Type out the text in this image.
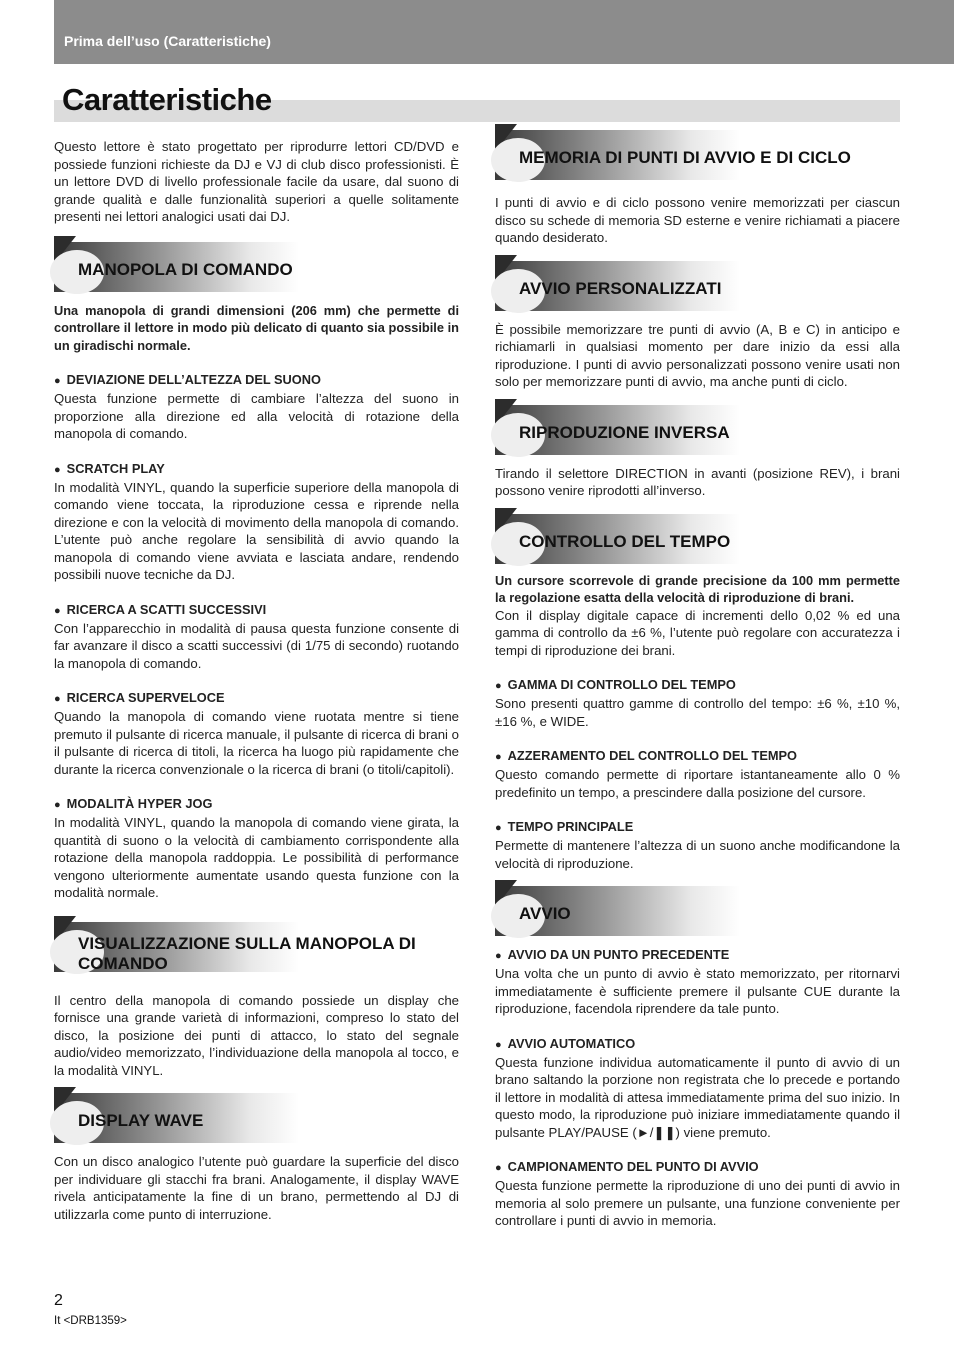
Prima dell’uso (Caratteristiche)
Caratteristiche

Questo lettore è stato progettato per riprodurre lettori CD/DVD e possiede funzioni richieste da DJ e VJ di club disco professionisti. È un lettore DVD di livello professionale facile da usare, dal suono di grande qualità e dalle funzionalità superiori a quelle solitamente presenti nei lettori analogici usati dai DJ.

MANOPOLA DI COMANDO

Una manopola di grandi dimensioni (206 mm) che permette di controllare il lettore in modo più delicato di quanto sia possibile in un giradischi normale.

● DEVIAZIONE DELL’ALTEZZA DEL SUONO

Questa funzione permette di cambiare l’altezza del suono in proporzione alla direzione ed alla velocità di rotazione della manopola di comando.

● SCRATCH PLAY

In modalità VINYL, quando la superficie superiore della manopola di comando viene toccata, la riproduzione cessa e riprende nella direzione e con la velocità di movimento della manopola di comando. L’utente può anche regolare la sensibilità di avvio quando la manopola di comando viene avviata e lasciata andare, rendendo possibili nuove tecniche da DJ.

● RICERCA A SCATTI SUCCESSIVI

Con l’apparecchio in modalità di pausa questa funzione consente di far avanzare il disco a scatti successivi (di 1/75 di secondo) ruotando la manopola di comando.

● RICERCA SUPERVELOCE

Quando la manopola di comando viene ruotata mentre si tiene premuto il pulsante di ricerca manuale, il pulsante di ricerca di brani o il pulsante di ricerca di titoli, la ricerca ha luogo più rapidamente che durante la ricerca convenzionale o la ricerca di brani (o titoli/capitoli).

● MODALITÀ HYPER JOG

In modalità VINYL, quando la manopola di comando viene girata, la quantità di suono o la velocità di cambiamento corrispondente alla rotazione della manopola raddoppia. Le possibilità di performance vengono ulteriormente aumentate usando questa funzione con la modalità normale.

VISUALIZZAZIONE SULLA MANOPOLA DI COMANDO

Il centro della manopola di comando possiede un display che fornisce una grande varietà di informazioni, compreso lo stato del disco, la posizione dei punti di attacco, lo stato del segnale audio/video memorizzato, l’individuazione della manopola al tocco, e la modalità VINYL.

DISPLAY WAVE

Con un disco analogico l’utente può guardare la superficie del disco per individuare gli stacchi fra brani. Analogamente, il display WAVE rivela anticipatamente la fine di un brano, permettendo al DJ di utilizzarla come punto di interruzione.

MEMORIA DI PUNTI DI AVVIO E DI CICLO

I punti di avvio e di ciclo possono venire memorizzati per ciascun disco su schede di memoria SD esterne e venire richiamati a piacere quando desiderato.

AVVIO PERSONALIZZATI

È possibile memorizzare tre punti di avvio (A, B e C) in anticipo e richiamarli in qualsiasi momento per dare inizio da essi alla riproduzione. I punti di avvio personalizzati possono venire usati non solo per memorizzare punti di avvio, ma anche punti di ciclo.

RIPRODUZIONE INVERSA

Tirando il selettore DIRECTION in avanti (posizione REV), i brani possono venire riprodotti all’inverso.

CONTROLLO DEL TEMPO

Un cursore scorrevole di grande precisione da 100 mm permette la regolazione esatta della velocità di riproduzione di brani.

Con il display digitale capace di incrementi dello 0,02 % ed una gamma di controllo da ±6 %, l’utente può regolare con accuratezza i tempi di riproduzione dei brani.

● GAMMA DI CONTROLLO DEL TEMPO

Sono presenti quattro gamme di controllo del tempo: ±6 %, ±10 %, ±16 %, e WIDE.

● AZZERAMENTO DEL CONTROLLO DEL TEMPO

Questo comando permette di riportare istantaneamente allo 0 % predefinito un tempo, a prescindere dalla posizione del cursore.

● TEMPO PRINCIPALE

Permette di mantenere l’altezza di un suono anche modificandone la velocità di riproduzione.

AVVIO

● AVVIO DA UN PUNTO PRECEDENTE

Una volta che un punto di avvio è stato memorizzato, per ritornarvi immediatamente è sufficiente premere il pulsante CUE durante la riproduzione, facendola riprendere da tale punto.

● AVVIO AUTOMATICO

Questa funzione individua automaticamente il punto di avvio di un brano saltando la porzione non registrata che lo precede e portando il lettore in modalità di attesa immediatamente prima del suo inizio. In questo modo, la riproduzione può iniziare immediatamente quando il pulsante PLAY/PAUSE (►/❚❚) viene premuto.

● CAMPIONAMENTO DEL PUNTO DI AVVIO

Questa funzione permette la riproduzione di uno dei punti di avvio in memoria al solo premere un pulsante, una funzione conveniente per controllare i punti di avvio in memoria.

2
It <DRB1359>
